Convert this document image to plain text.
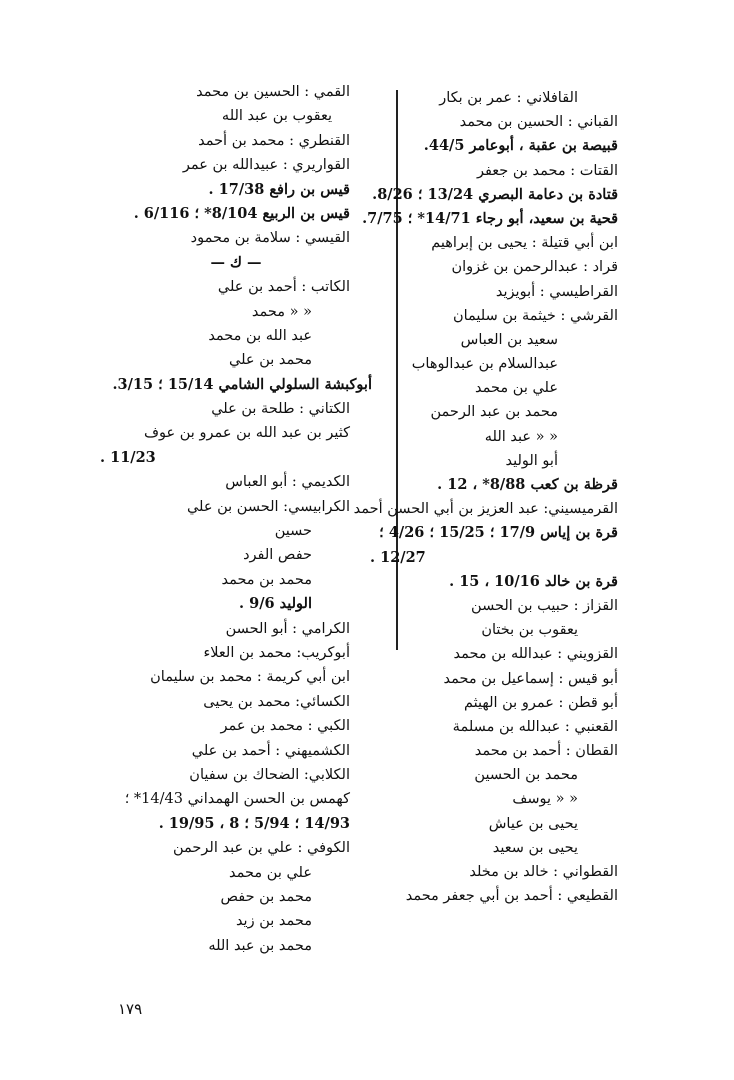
القافلاني : عمر بن بكار
القباني : الحسين بن محمد
قبيصة بن عقبة ، أبوعامر 44/5.
القتات : محمد بن جعفر
قتادة بن دعامة البصري 13/24 ؛ 8/26.
قحية بن سعيد، أبو رجاء 14/71* ؛ 7/75.
ابن أبي قتيلة : يحيى بن إبراهيم
قراد : عبدالرحمن بن غزوان
القراطيسي : أبويزيد
القرشي : خيثمة بن سليمان
سعيد بن العباس
عبدالسلام بن عبدالوهاب
علي بن محمد
محمد بن عبد الرحمن
« « عبد الله
أبو الوليد
قرظة بن كعب 8/88* ، 12 .
القرميسيني: عبد العزيز بن أبي الحسن أحمد
قرة بن إياس 17/9 ؛ 15/25 ؛ 4/26 ؛
12/27 .
قرة بن خالد 10/16 ، 15 .
القزاز : حبيب بن الحسن
يعقوب بن بختان
القزويني : عبدالله بن محمد
أبو قيس : إسماعيل بن محمد
أبو قطن : عمرو بن الهيثم
القعنبي : عبدالله بن مسلمة
القطان : أحمد بن محمد
محمد بن الحسين
« « يوسف
يحيى بن عياش
يحيى بن سعيد
القطواني : خالد بن مخلد
القطيعي : أحمد بن أبي جعفر محمد
القمي : الحسين بن محمد
يعقوب بن عبد الله
القنطري : محمد بن أحمد
القواريري : عبيدالله بن عمر
قيس بن رافع 17/38 .
قيس بن الربيع 8/104* ؛ 6/116 .
القيسي : سلامة بن محمود
— ك —
الكاتب : أحمد بن علي
« « محمد
عبد الله بن محمد
محمد بن علي
أبوكبشة السلولي الشامي 15/14 ؛ 3/15.
الكتاني : طلحة بن علي
كثير بن عبد الله بن عمرو بن عوف
11/23 .
الكديمي : أبو العباس
الكرابيسي: الحسن بن علي
حسين
حفص الفرد
محمد بن محمد
الوليد 9/6 .
الكرامي : أبو الحسن
أبوكريب: محمد بن العلاء
ابن أبي كريمة : محمد بن سليمان
الكسائي: محمد بن يحيى
الكبي : محمد بن عمر
الكشميهني : أحمد بن علي
الكلابي: الضحاك بن سفيان
كهمس بن الحسن الهمداني 14/43* ؛
14/93 ؛ 5/94 ؛ 8 ، 19/95 .
الكوفي : علي بن عبد الرحمن
علي بن محمد
محمد بن حفص
محمد بن زيد
محمد بن عبد الله
١٧٩
